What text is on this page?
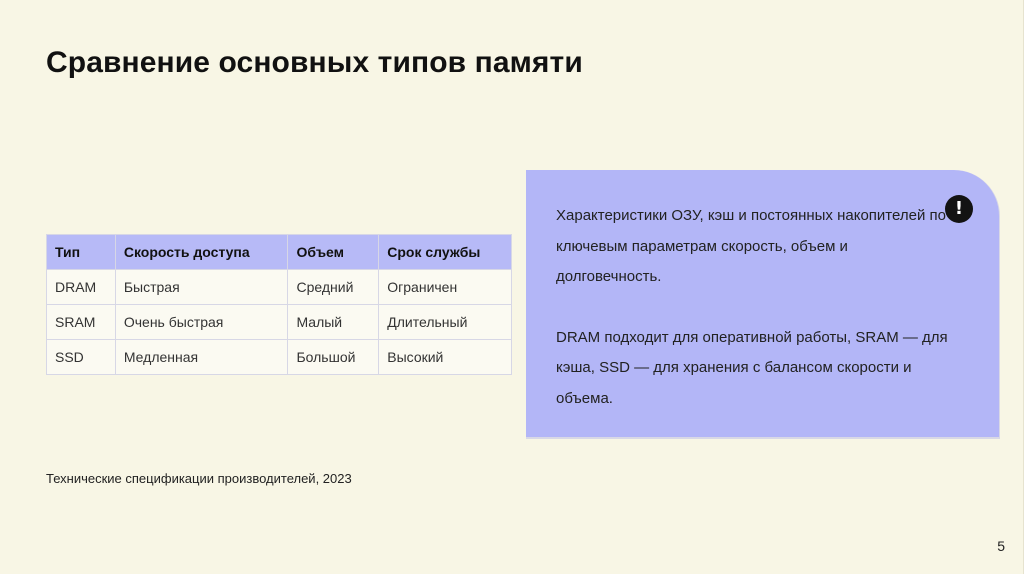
Сравнение основных типов памяти
Тип	Скорость доступа	Объем	Срок службы
DRAM	Быстрая	Средний	Ограничен
SRAM	Очень быстрая	Малый	Длительный
SSD	Медленная	Большой	Высокий
!

Характеристики ОЗУ, кэш и постоянных накопителей по ключевым параметрам скорость, объем и долговечность.

DRAM подходит для оперативной работы, SRAM — для кэша, SSD — для хранения с балансом скорости и объема.

Технические спецификации производителей, 2023
5
